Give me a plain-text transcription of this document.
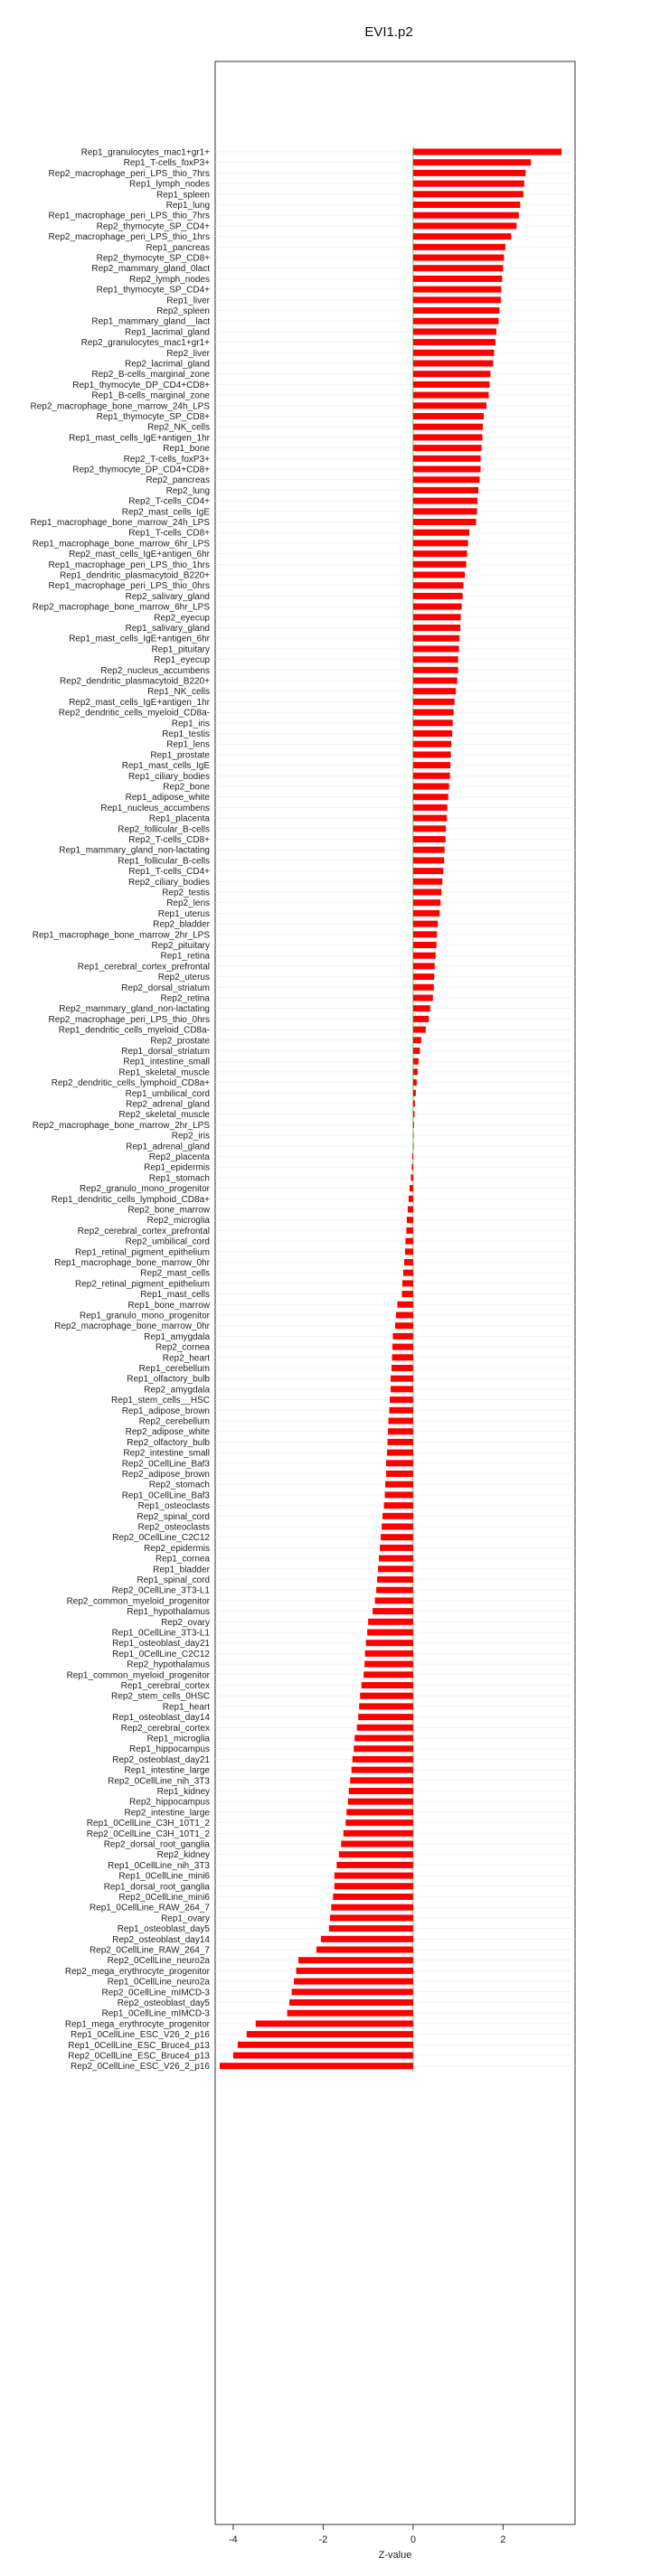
EVI1.p2
Rep1_granulocytes_mac1+gr1+
Rep1_T-cells_foxP3+
Rep2_macrophage_peri_LPS_thio_7hrs
Rep1_lymph_nodes
Rep1_spleen
Rep1_lung
Rep1_macrophage_peri_LPS_thio_7hrs
Rep2_thymocyte_SP_CD4+
Rep2_macrophage_peri_LPS_thio_1hrs
Rep1_pancreas
Rep2_thymocyte_SP_CD8+
Rep2_mammary_gland_0lact
Rep2_lymph_nodes
Rep1_thymocyte_SP_CD4+
Rep1_liver
Rep2_spleen
Rep1_mammary_gland__lact
Rep1_lacrimal_gland
Rep2_granulocytes_mac1+gr1+
Rep2_liver
Rep2_lacrimal_gland
Rep2_B-cells_marginal_zone
Rep1_thymocyte_DP_CD4+CD8+
Rep1_B-cells_marginal_zone
Rep2_macrophage_bone_marrow_24h_LPS
Rep1_thymocyte_SP_CD8+
Rep2_NK_cells
Rep1_mast_cells_IgE+antigen_1hr
Rep1_bone
Rep2_T-cells_foxP3+
Rep2_thymocyte_DP_CD4+CD8+
Rep2_pancreas
Rep2_lung
Rep2_T-cells_CD4+
Rep2_mast_cells_IgE
Rep1_macrophage_bone_marrow_24h_LPS
Rep1_T-cells_CD8+
Rep1_macrophage_bone_marrow_6hr_LPS
Rep2_mast_cells_IgE+antigen_6hr
Rep1_macrophage_peri_LPS_thio_1hrs
Rep1_dendritic_plasmacytoid_B220+
Rep1_macrophage_peri_LPS_thio_0hrs
Rep2_salivary_gland
Rep2_macrophage_bone_marrow_6hr_LPS
Rep2_eyecup
Rep1_salivary_gland
Rep1_mast_cells_IgE+antigen_6hr
Rep1_pituitary
Rep1_eyecup
Rep2_nucleus_accumbens
Rep2_dendritic_plasmacytoid_B220+
Rep1_NK_cells
Rep2_mast_cells_IgE+antigen_1hr
Rep2_dendritic_cells_myeloid_CD8a-
Rep1_iris
Rep1_testis
Rep1_lens
Rep1_prostate
Rep1_mast_cells_IgE
Rep1_ciliary_bodies
Rep2_bone
Rep1_adipose_white
Rep1_nucleus_accumbens
Rep1_placenta
Rep2_follicular_B-cells
Rep2_T-cells_CD8+
Rep1_mammary_gland_non-lactating
Rep1_follicular_B-cells
Rep1_T-cells_CD4+
Rep2_ciliary_bodies
Rep2_testis
Rep2_lens
Rep1_uterus
Rep2_bladder
Rep1_macrophage_bone_marrow_2hr_LPS
Rep2_pituitary
Rep1_retina
Rep1_cerebral_cortex_prefrontal
Rep2_uterus
Rep2_dorsal_striatum
Rep2_retina
Rep2_mammary_gland_non-lactating
Rep2_macrophage_peri_LPS_thio_0hrs
Rep1_dendritic_cells_myeloid_CD8a-
Rep2_prostate
Rep1_dorsal_striatum
Rep1_intestine_small
Rep1_skeletal_muscle
Rep2_dendritic_cells_lymphoid_CD8a+
Rep1_umbilical_cord
Rep2_adrenal_gland
Rep2_skeletal_muscle
Rep2_macrophage_bone_marrow_2hr_LPS
Rep2_iris
Rep1_adrenal_gland
Rep2_placenta
Rep1_epidermis
Rep1_stomach
Rep2_granulo_mono_progenitor
Rep1_dendritic_cells_lymphoid_CD8a+
Rep2_bone_marrow
Rep2_microglia
Rep2_cerebral_cortex_prefrontal
Rep2_umbilical_cord
Rep1_retinal_pigment_epithelium
Rep1_macrophage_bone_marrow_0hr
Rep2_mast_cells
Rep2_retinal_pigment_epithelium
Rep1_mast_cells
Rep1_bone_marrow
Rep1_granulo_mono_progenitor
Rep2_macrophage_bone_marrow_0hr
Rep1_amygdala
Rep2_cornea
Rep2_heart
Rep1_cerebellum
Rep1_olfactory_bulb
Rep2_amygdala
Rep1_stem_cells__HSC
Rep1_adipose_brown
Rep2_cerebellum
Rep2_adipose_white
Rep2_olfactory_bulb
Rep2_intestine_small
Rep2_0CellLine_Baf3
Rep2_adipose_brown
Rep2_stomach
Rep1_0CellLine_Baf3
Rep1_osteoclasts
Rep2_spinal_cord
Rep2_osteoclasts
Rep2_0CellLine_C2C12
Rep2_epidermis
Rep1_cornea
Rep1_bladder
Rep1_spinal_cord
Rep2_0CellLine_3T3-L1
Rep2_common_myeloid_progenitor
Rep1_hypothalamus
Rep2_ovary
Rep1_0CellLine_3T3-L1
Rep1_osteoblast_day21
Rep1_0CellLine_C2C12
Rep2_hypothalamus
Rep1_common_myeloid_progenitor
Rep1_cerebral_cortex
Rep2_stem_cells_0HSC
Rep1_heart
Rep1_osteoblast_day14
Rep2_cerebral_cortex
Rep1_microglia
Rep1_hippocampus
Rep2_osteoblast_day21
Rep1_intestine_large
Rep2_0CellLine_nih_3T3
Rep1_kidney
Rep2_hippocampus
Rep2_intestine_large
Rep1_0CellLine_C3H_10T1_2
Rep2_0CellLine_C3H_10T1_2
Rep2_dorsal_root_ganglia
Rep2_kidney
Rep1_0CellLine_nih_3T3
Rep1_0CellLine_mini6
Rep1_dorsal_root_ganglia
Rep2_0CellLine_mini6
Rep1_0CellLine_RAW_264_7
Rep1_ovary
Rep1_osteoblast_day5
Rep2_osteoblast_day14
Rep2_0CellLine_RAW_264_7
Rep2_0CellLine_neuro2a
Rep2_mega_erythrocyte_progenitor
Rep1_0CellLine_neuro2a
Rep2_0CellLine_mIMCD-3
Rep2_osteoblast_day5
Rep1_0CellLine_mIMCD-3
Rep1_mega_erythrocyte_progenitor
Rep1_0CellLine_ESC_V26_2_p16
Rep1_0CellLine_ESC_Bruce4_p13
Rep2_0CellLine_ESC_Bruce4_p13
Rep2_0CellLine_ESC_V26_2_p16
-4	-2	0	2
Z-value
